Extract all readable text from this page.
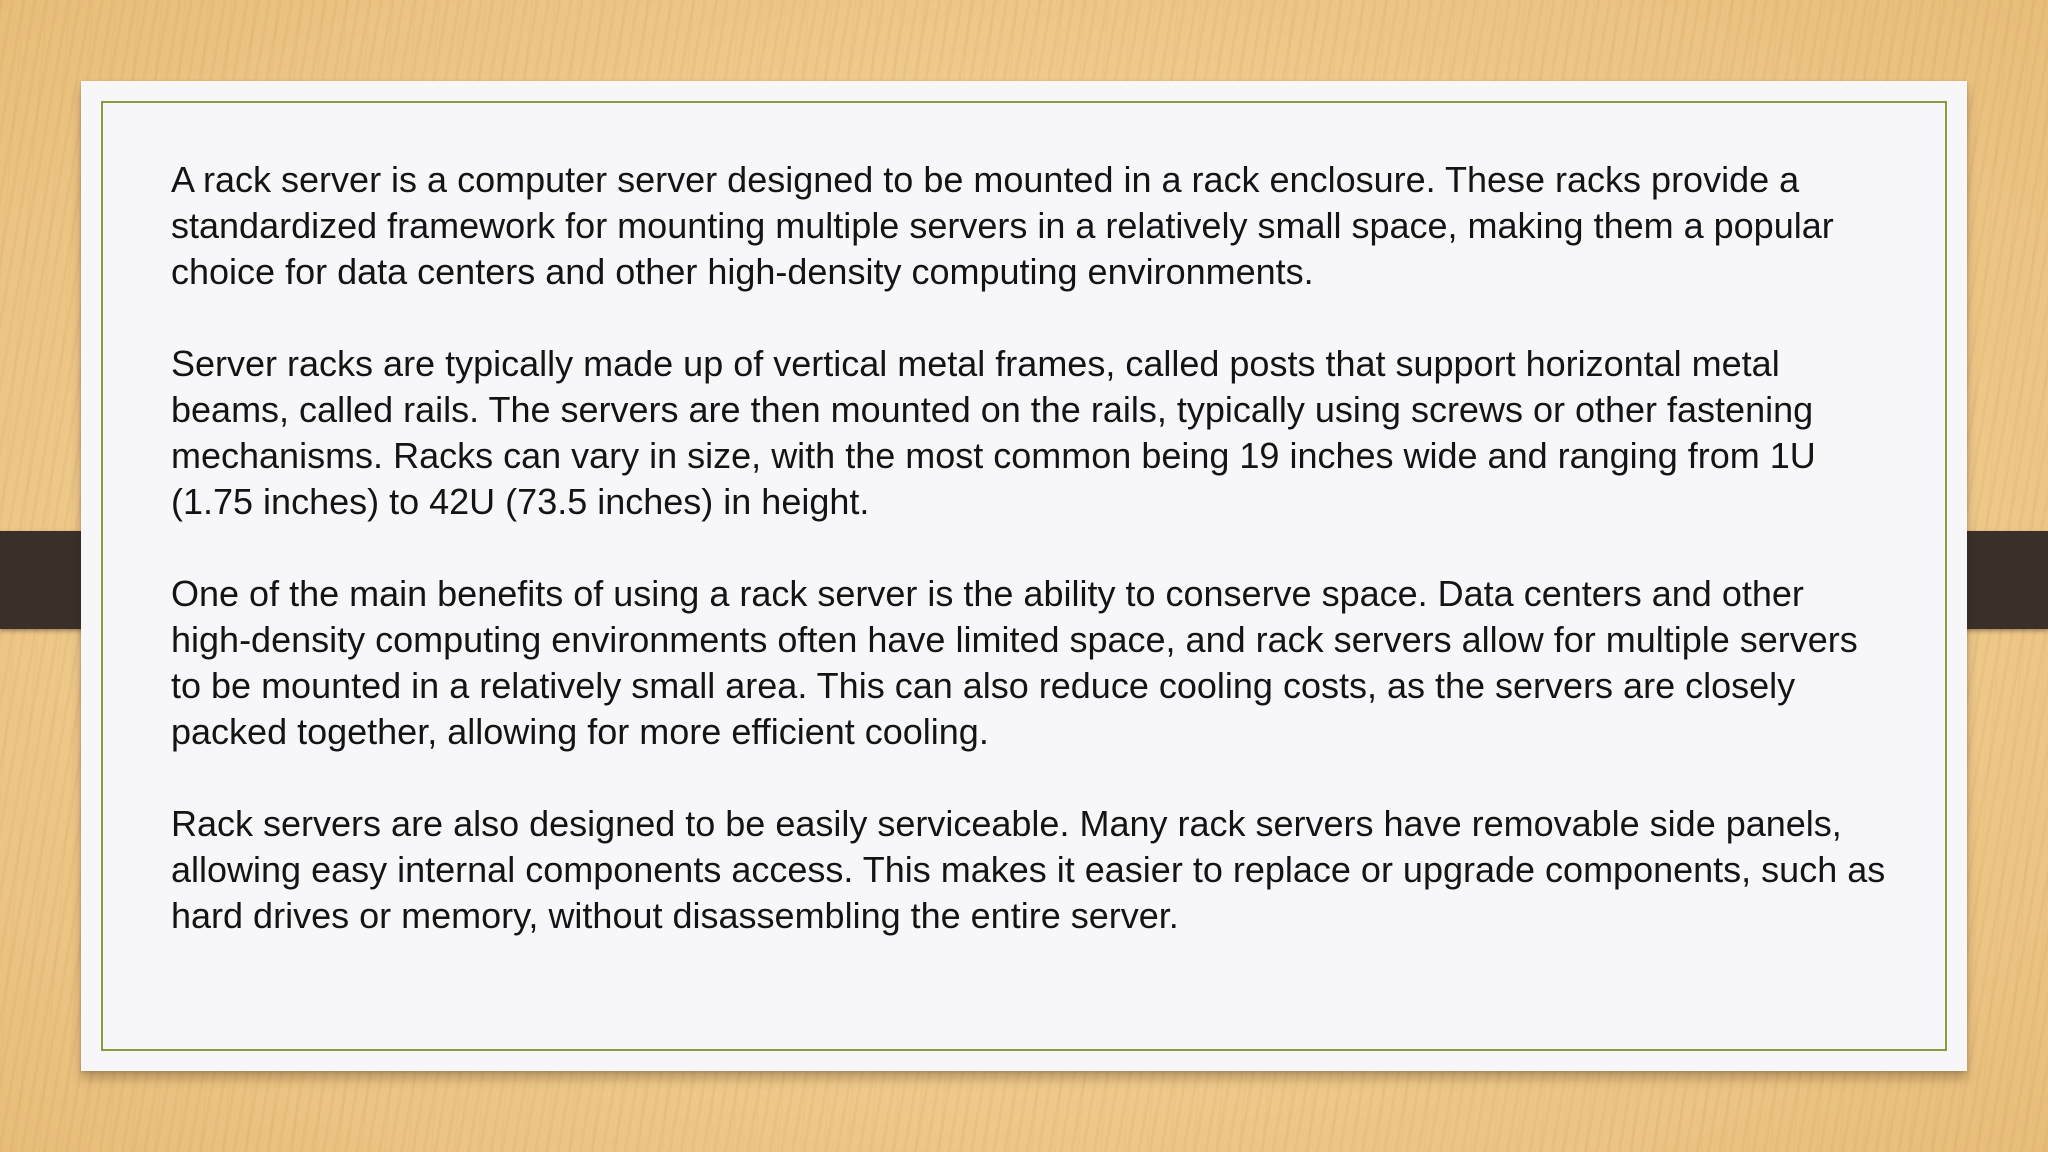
A rack server is a computer server designed to be mounted in a rack enclosure. These racks provide a standardized framework for mounting multiple servers in a relatively small space, making them a popular choice for data centers and other high-density computing environments.

Server racks are typically made up of vertical metal frames, called posts that support horizontal metal beams, called rails. The servers are then mounted on the rails, typically using screws or other fastening mechanisms. Racks can vary in size, with the most common being 19 inches wide and ranging from 1U (1.75 inches) to 42U (73.5 inches) in height.

One of the main benefits of using a rack server is the ability to conserve space. Data centers and other high-density computing environments often have limited space, and rack servers allow for multiple servers to be mounted in a relatively small area. This can also reduce cooling costs, as the servers are closely packed together, allowing for more efficient cooling.

Rack servers are also designed to be easily serviceable. Many rack servers have removable side panels, allowing easy internal components access. This makes it easier to replace or upgrade components, such as hard drives or memory, without disassembling the entire server.
